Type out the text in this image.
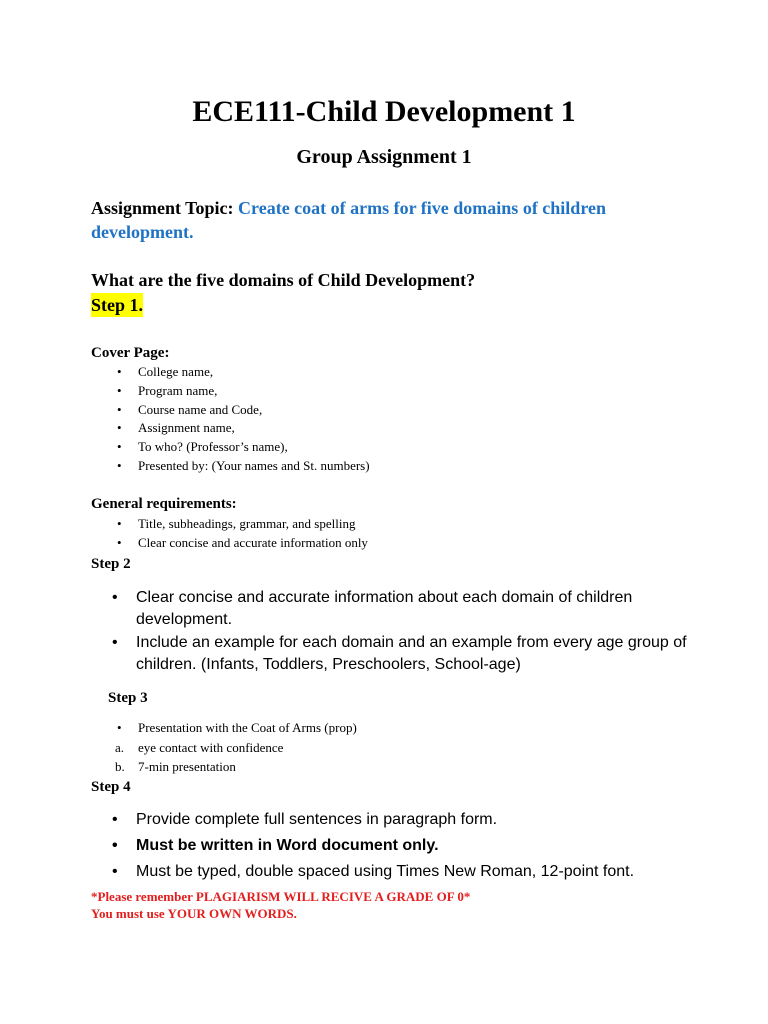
ECE111-Child Development 1
Group Assignment 1
Assignment Topic: Create coat of arms for five domains of children development.
What are the five domains of Child Development?
Step 1.
Cover Page:
• College name,
• Program name,
• Course name and Code,
• Assignment name,
• To who? (Professor’s name),
• Presented by: (Your names and St. numbers)
General requirements:
• Title, subheadings, grammar, and spelling
• Clear concise and accurate information only
Step 2
• Clear concise and accurate information about each domain of children development.
• Include an example for each domain and an example from every age group of children. (Infants, Toddlers, Preschoolers, School-age)
Step 3
• Presentation with the Coat of Arms (prop)
a. eye contact with confidence
b. 7-min presentation
Step 4
• Provide complete full sentences in paragraph form.
• Must be written in Word document only.
• Must be typed, double spaced using Times New Roman, 12-point font.
*Please remember PLAGIARISM WILL RECIVE A GRADE OF 0*
You must use YOUR OWN WORDS.
